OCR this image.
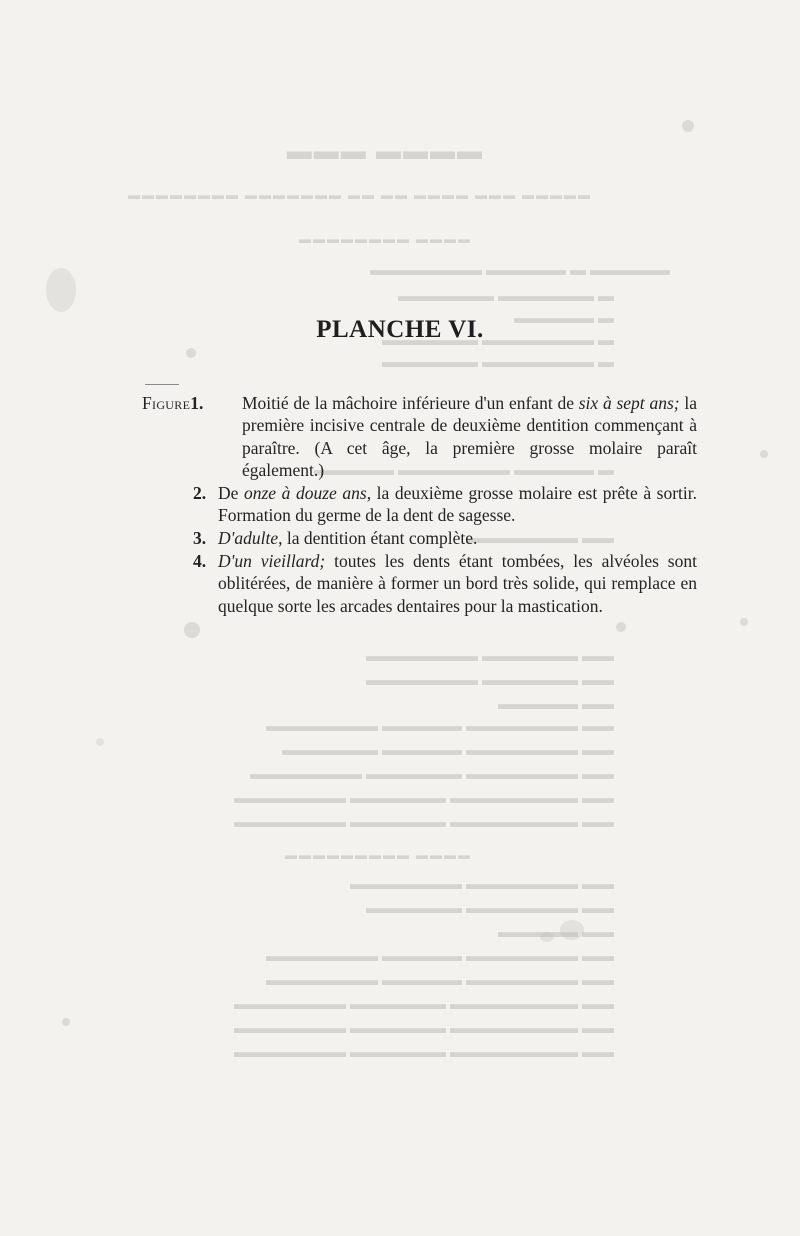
▬▬▬▬ ▬▬▬
▬▬▬▬▬ ▬▬▬ ▬▬▬▬ ▬▬ ▬▬ ▬▬▬▬▬▬▬ ▬▬▬▬▬▬▬▬
▬▬▬▬ ▬▬▬▬▬▬▬▬
▬▬▬▬▬ ▬ ▬▬▬▬▬ ▬▬▬▬▬▬▬
▬ ▬▬▬▬▬▬ ▬▬▬▬▬▬
▬ ▬▬▬▬▬
▬ ▬▬▬▬▬▬▬ ▬▬▬▬▬▬
▬ ▬▬▬▬▬▬▬ ▬▬▬▬▬▬
▬ ▬▬▬▬▬ ▬▬▬▬▬▬▬ ▬▬▬▬▬
▬▬ ▬▬▬▬▬▬▬
▬▬ ▬▬▬▬▬▬ ▬▬▬▬▬▬▬
▬▬ ▬▬▬▬▬▬ ▬▬▬▬▬▬▬
▬▬ ▬▬▬▬▬
▬▬ ▬▬▬▬▬▬▬ ▬▬▬▬▬ ▬▬▬▬▬▬▬
▬▬ ▬▬▬▬▬▬▬ ▬▬▬▬▬ ▬▬▬▬▬▬
▬▬ ▬▬▬▬▬▬▬ ▬▬▬▬▬▬ ▬▬▬▬▬▬▬
▬▬ ▬▬▬▬▬▬▬▬ ▬▬▬▬▬▬ ▬▬▬▬▬▬▬
▬▬ ▬▬▬▬▬▬▬▬ ▬▬▬▬▬▬ ▬▬▬▬▬▬▬
▬▬▬▬ ▬▬▬▬▬▬▬▬▬
▬▬ ▬▬▬▬▬▬▬ ▬▬▬▬▬▬▬
▬▬ ▬▬▬▬▬▬▬ ▬▬▬▬▬▬
▬▬ ▬▬▬▬▬
▬▬ ▬▬▬▬▬▬▬ ▬▬▬▬▬ ▬▬▬▬▬▬▬
▬▬ ▬▬▬▬▬▬▬ ▬▬▬▬▬ ▬▬▬▬▬▬▬
▬▬ ▬▬▬▬▬▬▬▬ ▬▬▬▬▬▬ ▬▬▬▬▬▬▬
▬▬ ▬▬▬▬▬▬▬▬ ▬▬▬▬▬▬ ▬▬▬▬▬▬▬
▬▬ ▬▬▬▬▬▬▬▬ ▬▬▬▬▬▬ ▬▬▬▬▬▬▬
PLANCHE VI.
Figure1. Moitié de la mâchoire inférieure d'un enfant de six à sept ans; la première incisive centrale de deuxième dentition commençant à paraître. (A cet âge, la première grosse molaire paraît également.)
2. De onze à douze ans, la deuxième grosse molaire est prête à sortir. Formation du germe de la dent de sagesse.
3. D'adulte, la dentition étant complète.
4. D'un vieillard; toutes les dents étant tombées, les alvéoles sont oblitérées, de manière à former un bord très solide, qui remplace en quelque sorte les arcades dentaires pour la mastication.
